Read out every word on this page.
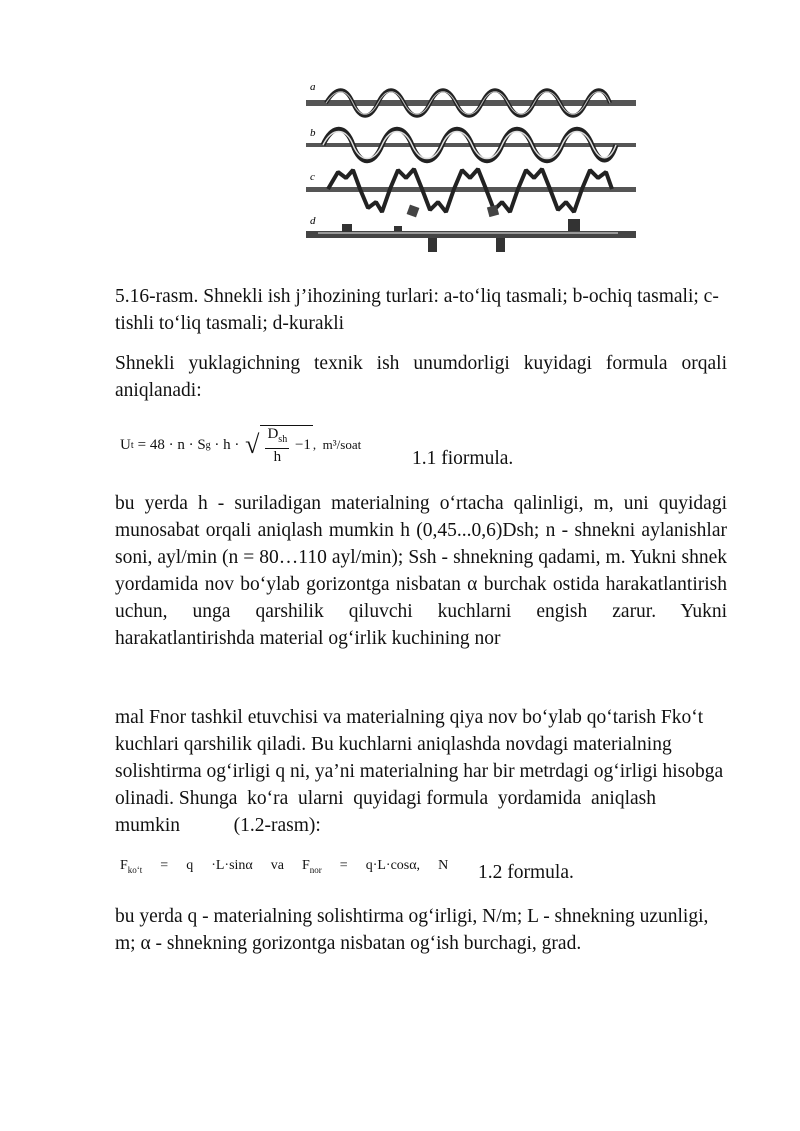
a
b
c
d

5.16-rasm. Shnekli ish j’ihozining turlari: a-to‘liq tasmali; b-ochiq tasmali; c-tishli to‘liq tasmali; d-kurakli

Shnekli yuklagichning texnik ish unumdorligi kuyidagi formula orqali aniqlanadi:

U t = 48 · n · S g · h · √ $\frac{D_{sh}}{h} -1$ ,  m³/soat
1.1 fiormula.

bu yerda h - suriladigan materialning o‘rtacha qalinligi, m, uni quyidagi munosabat orqali aniqlash mumkin h (0,45...0,6)Dsh; n - shnekni aylanishlar soni, ayl/min (n = 80…110 ayl/min); Ssh - shnekning qadami, m. Yukni shnek yordamida nov bo‘ylab gorizontga nisbatan α burchak ostida harakatlantirish uchun, unga qarshilik qiluvchi kuchlarni engish zarur. Yukni harakatlantirishda material og‘irlik kuchining nor

mal Fnor tashkil etuvchisi va materialning qiya nov bo‘ylab qo‘tarish Fko‘t kuchlari qarshilik qiladi. Bu kuchlarni aniqlashda novdagi materialning solishtirma og‘irligi q ni, ya’ni materialning har bir metrdagi og‘irligi hisobga olinadi. Shunga  ko‘ra  ularni  quyidagi formula  yordamida  aniqlash  mumkin           (1.2-rasm):

$F_{ko‘t} = q \cdot L\cdot\sin\alpha$ va $F_{nor} = q\cdot L\cdot\cos\alpha$, N 1.2 formula.

bu yerda q - materialning solishtirma og‘irligi, N/m; L - shnekning uzunligi, m; α - shnekning gorizontga nisbatan og‘ish burchagi, grad.
